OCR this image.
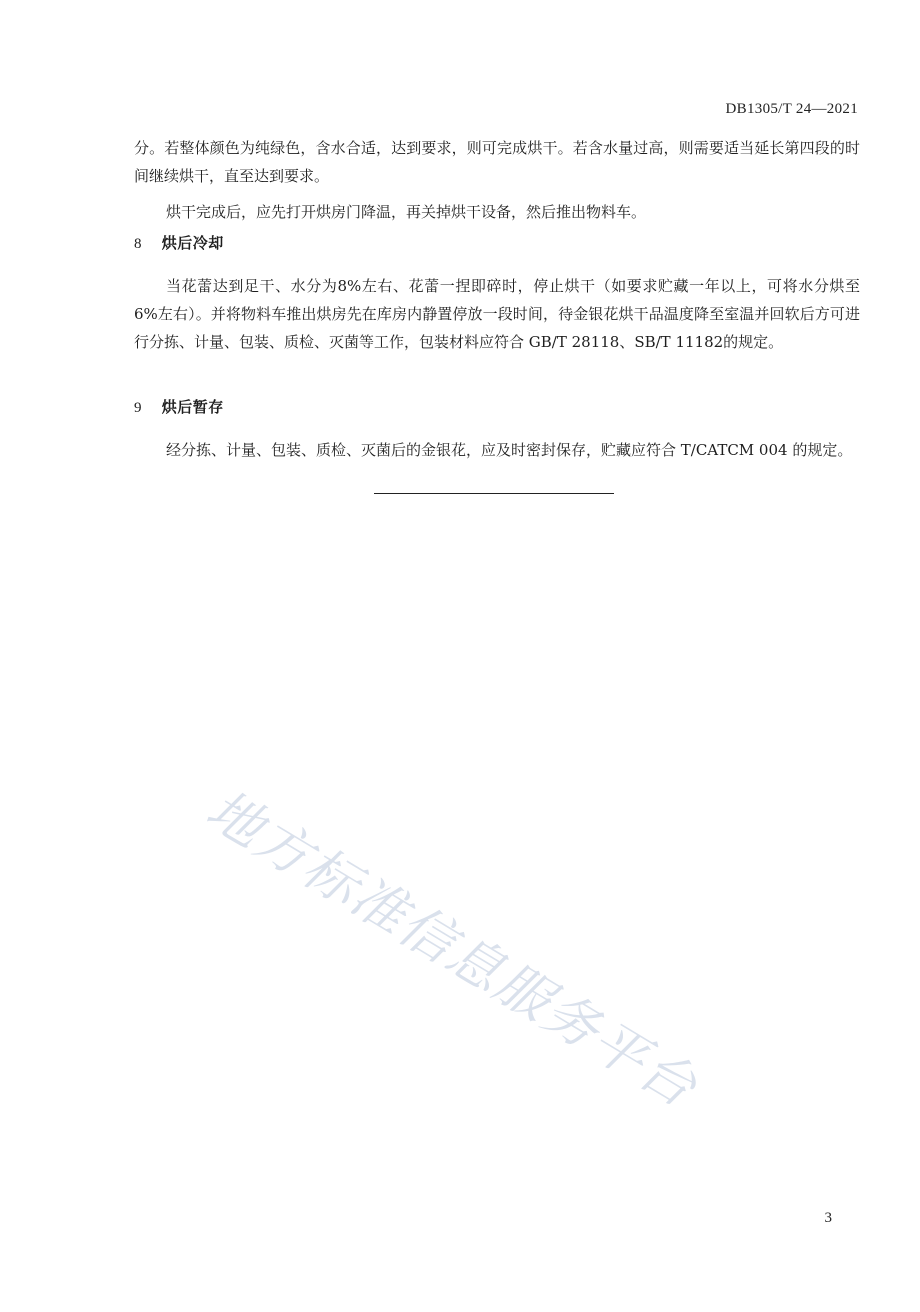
DB1305/T 24—2021

分。若整体颜色为纯绿色，含水合适，达到要求，则可完成烘干。若含水量过高，则需要适当延长第四段的时间继续烘干，直至达到要求。

烘干完成后，应先打开烘房门降温，再关掉烘干设备，然后推出物料车。

8 烘后冷却

当花蕾达到足干、水分为8%左右、花蕾一捏即碎时，停止烘干（如要求贮藏一年以上，可将水分烘至 6%左右）。并将物料车推出烘房先在库房内静置停放一段时间，待金银花烘干品温度降至室温并回软后方可进行分拣、计量、包装、质检、灭菌等工作，包装材料应符合 GB/T 28118、SB/T 11182的规定。

9 烘后暂存

经分拣、计量、包装、质检、灭菌后的金银花，应及时密封保存，贮藏应符合 T/CATCM 004 的规定。

地方标准信息服务平台
3
